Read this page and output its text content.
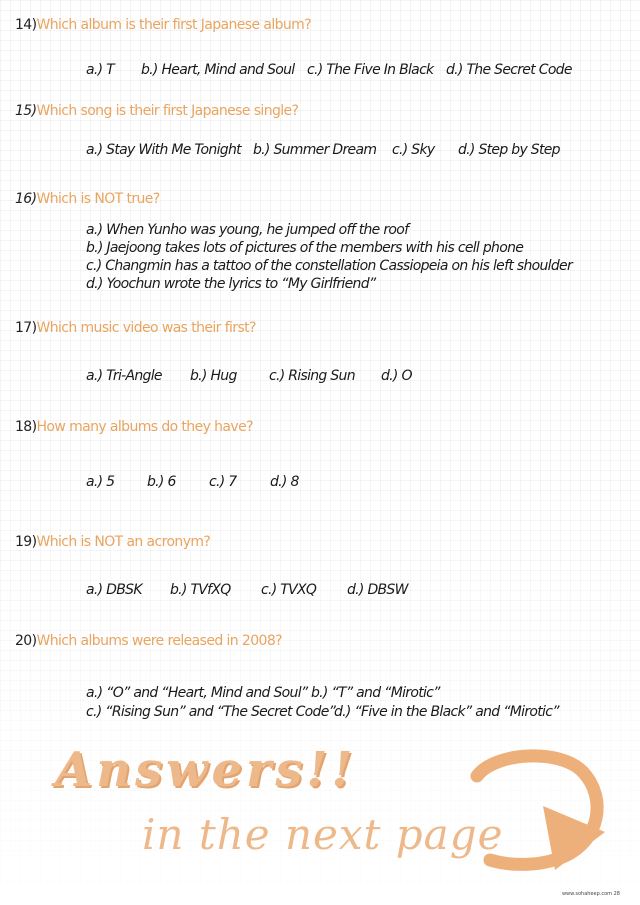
14)Which album is their first Japanese album?
a.) T b.) Heart, Mind and Soul c.) The Five In Black d.) The Secret Code
15)Which song is their first Japanese single?
a.) Stay With Me Tonight b.) Summer Dream c.) Sky d.) Step by Step
16)Which is NOT true?
a.) When Yunho was young, he jumped off the roof
b.) Jaejoong takes lots of pictures of the members with his cell phone
c.) Changmin has a tattoo of the constellation Cassiopeia on his left shoulder
d.) Yoochun wrote the lyrics to “My Girlfriend”
17)Which music video was their first?
a.) Tri-Angle b.) Hug c.) Rising Sun d.) O
18)How many albums do they have?
a.) 5 b.) 6 c.) 7 d.) 8
19)Which is NOT an acronym?
a.) DBSK b.) TVfXQ c.) TVXQ d.) DBSW
20)Which albums were released in 2008?
a.) “O” and “Heart, Mind and Soul” b.) “T” and “Mirotic”
c.) “Rising Sun” and “The Secret Code”
d.) “Five in the Black” and “Mirotic”
Answers!!
in the next page
www.sohaheep.com 28
